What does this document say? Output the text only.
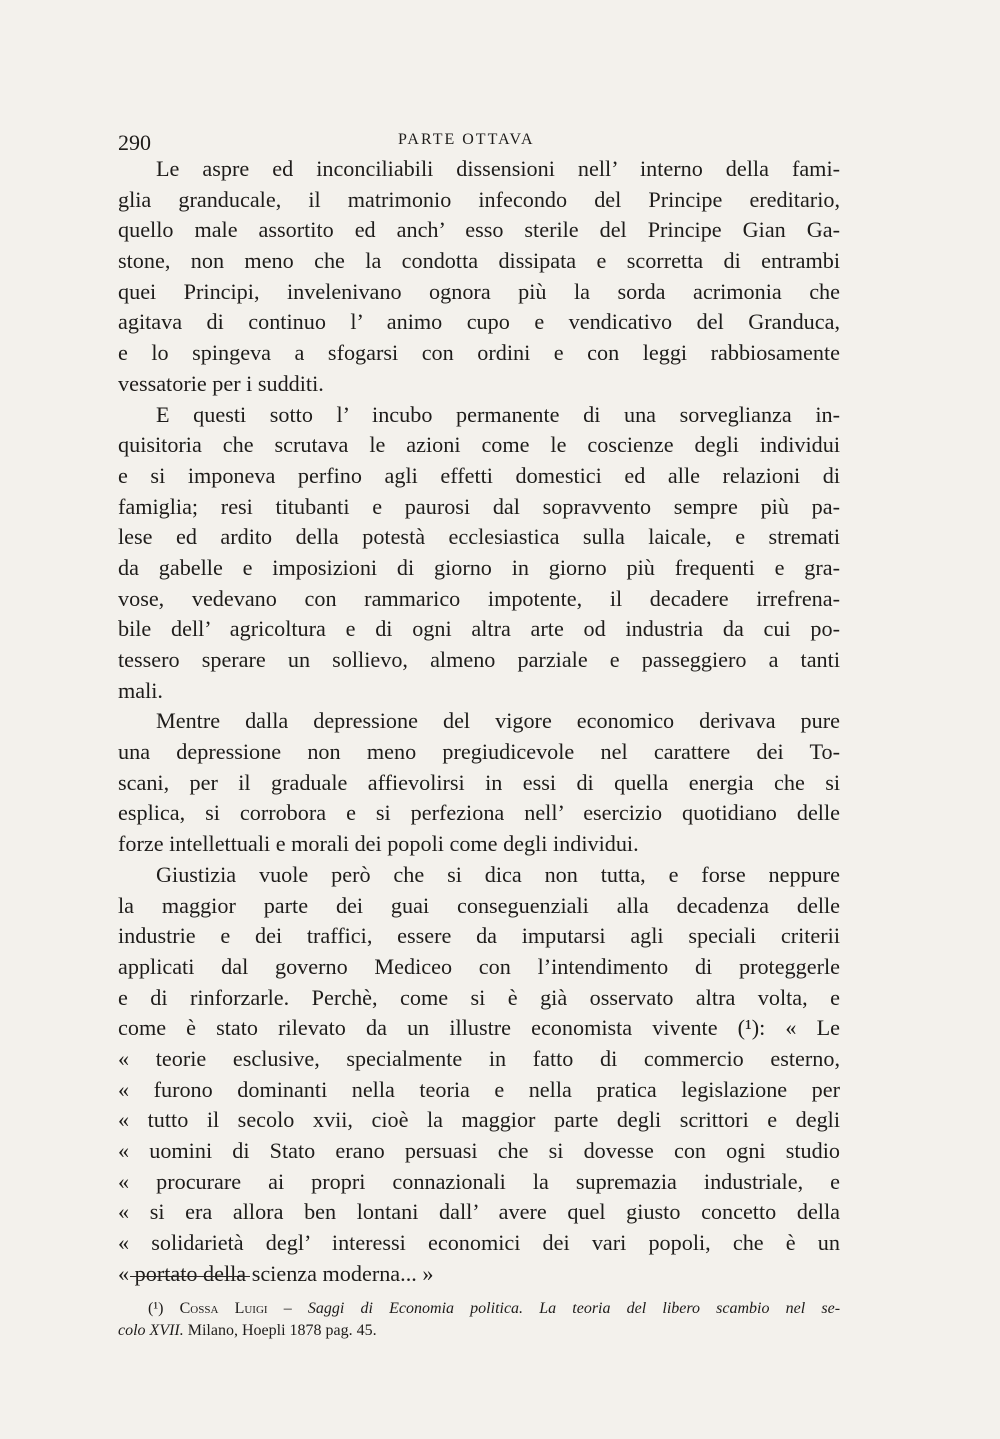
290	PARTE OTTAVA
Le aspre ed inconciliabili dissensioni nell’ interno della fami-
glia granducale, il matrimonio infecondo del Principe ereditario,
quello male assortito ed anch’ esso sterile del Principe Gian Ga-
stone, non meno che la condotta dissipata e scorretta di entrambi
quei Principi, invelenivano ognora più la sorda acrimonia che
agitava di continuo l’ animo cupo e vendicativo del Granduca,
e lo spingeva a sfogarsi con ordini e con leggi rabbiosamente
vessatorie per i sudditi.
E questi sotto l’ incubo permanente di una sorveglianza in-
quisitoria che scrutava le azioni come le coscienze degli individui
e si imponeva perfino agli effetti domestici ed alle relazioni di
famiglia; resi titubanti e paurosi dal sopravvento sempre più pa-
lese ed ardito della potestà ecclesiastica sulla laicale, e stremati
da gabelle e imposizioni di giorno in giorno più frequenti e gra-
vose, vedevano con rammarico impotente, il decadere irrefrena-
bile dell’ agricoltura e di ogni altra arte od industria da cui po-
tessero sperare un sollievo, almeno parziale e passeggiero a tanti
mali.
Mentre dalla depressione del vigore economico derivava pure
una depressione non meno pregiudicevole nel carattere dei To-
scani, per il graduale affievolirsi in essi di quella energia che si
esplica, si corrobora e si perfeziona nell’ esercizio quotidiano delle
forze intellettuali e morali dei popoli come degli individui.
Giustizia vuole però che si dica non tutta, e forse neppure
la maggior parte dei guai conseguenziali alla decadenza delle
industrie e dei traffici, essere da imputarsi agli speciali criterii
applicati dal governo Mediceo con l’intendimento di proteggerle
e di rinforzarle. Perchè, come si è già osservato altra volta, e
come è stato rilevato da un illustre economista vivente (¹): « Le
« teorie esclusive, specialmente in fatto di commercio esterno,
« furono dominanti nella teoria e nella pratica legislazione per
« tutto il secolo xvii, cioè la maggior parte degli scrittori e degli
« uomini di Stato erano persuasi che si dovesse con ogni studio
« procurare ai propri connazionali la supremazia industriale, e
« si era allora ben lontani dall’ avere quel giusto concetto della
« solidarietà degl’ interessi economici dei vari popoli, che è un
« portato della scienza moderna... »
(¹) Cossa Luigi – Saggi di Economia politica. La teoria del libero scambio nel se-
colo XVII. Milano, Hoepli 1878 pag. 45.
